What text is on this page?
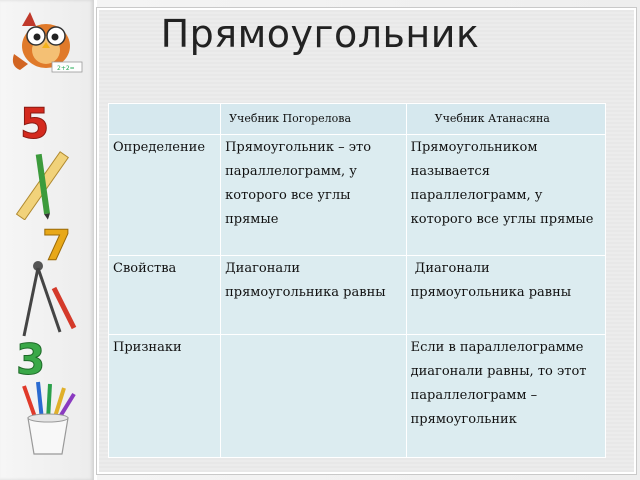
2+2=
5
7
3
Прямоугольник

	Учебник Погорелова	Учебник Атанасяна

Определение	Прямоугольник – это параллелограмм, у которого все углы прямые	Прямоугольником называется параллелограмм, у которого все углы прямые
Свойства	Диагонали прямоугольника равны	Диагонали прямоугольника равны
Признаки		Если в параллелограмме диагонали равны, то этот параллелограмм – прямоугольник
